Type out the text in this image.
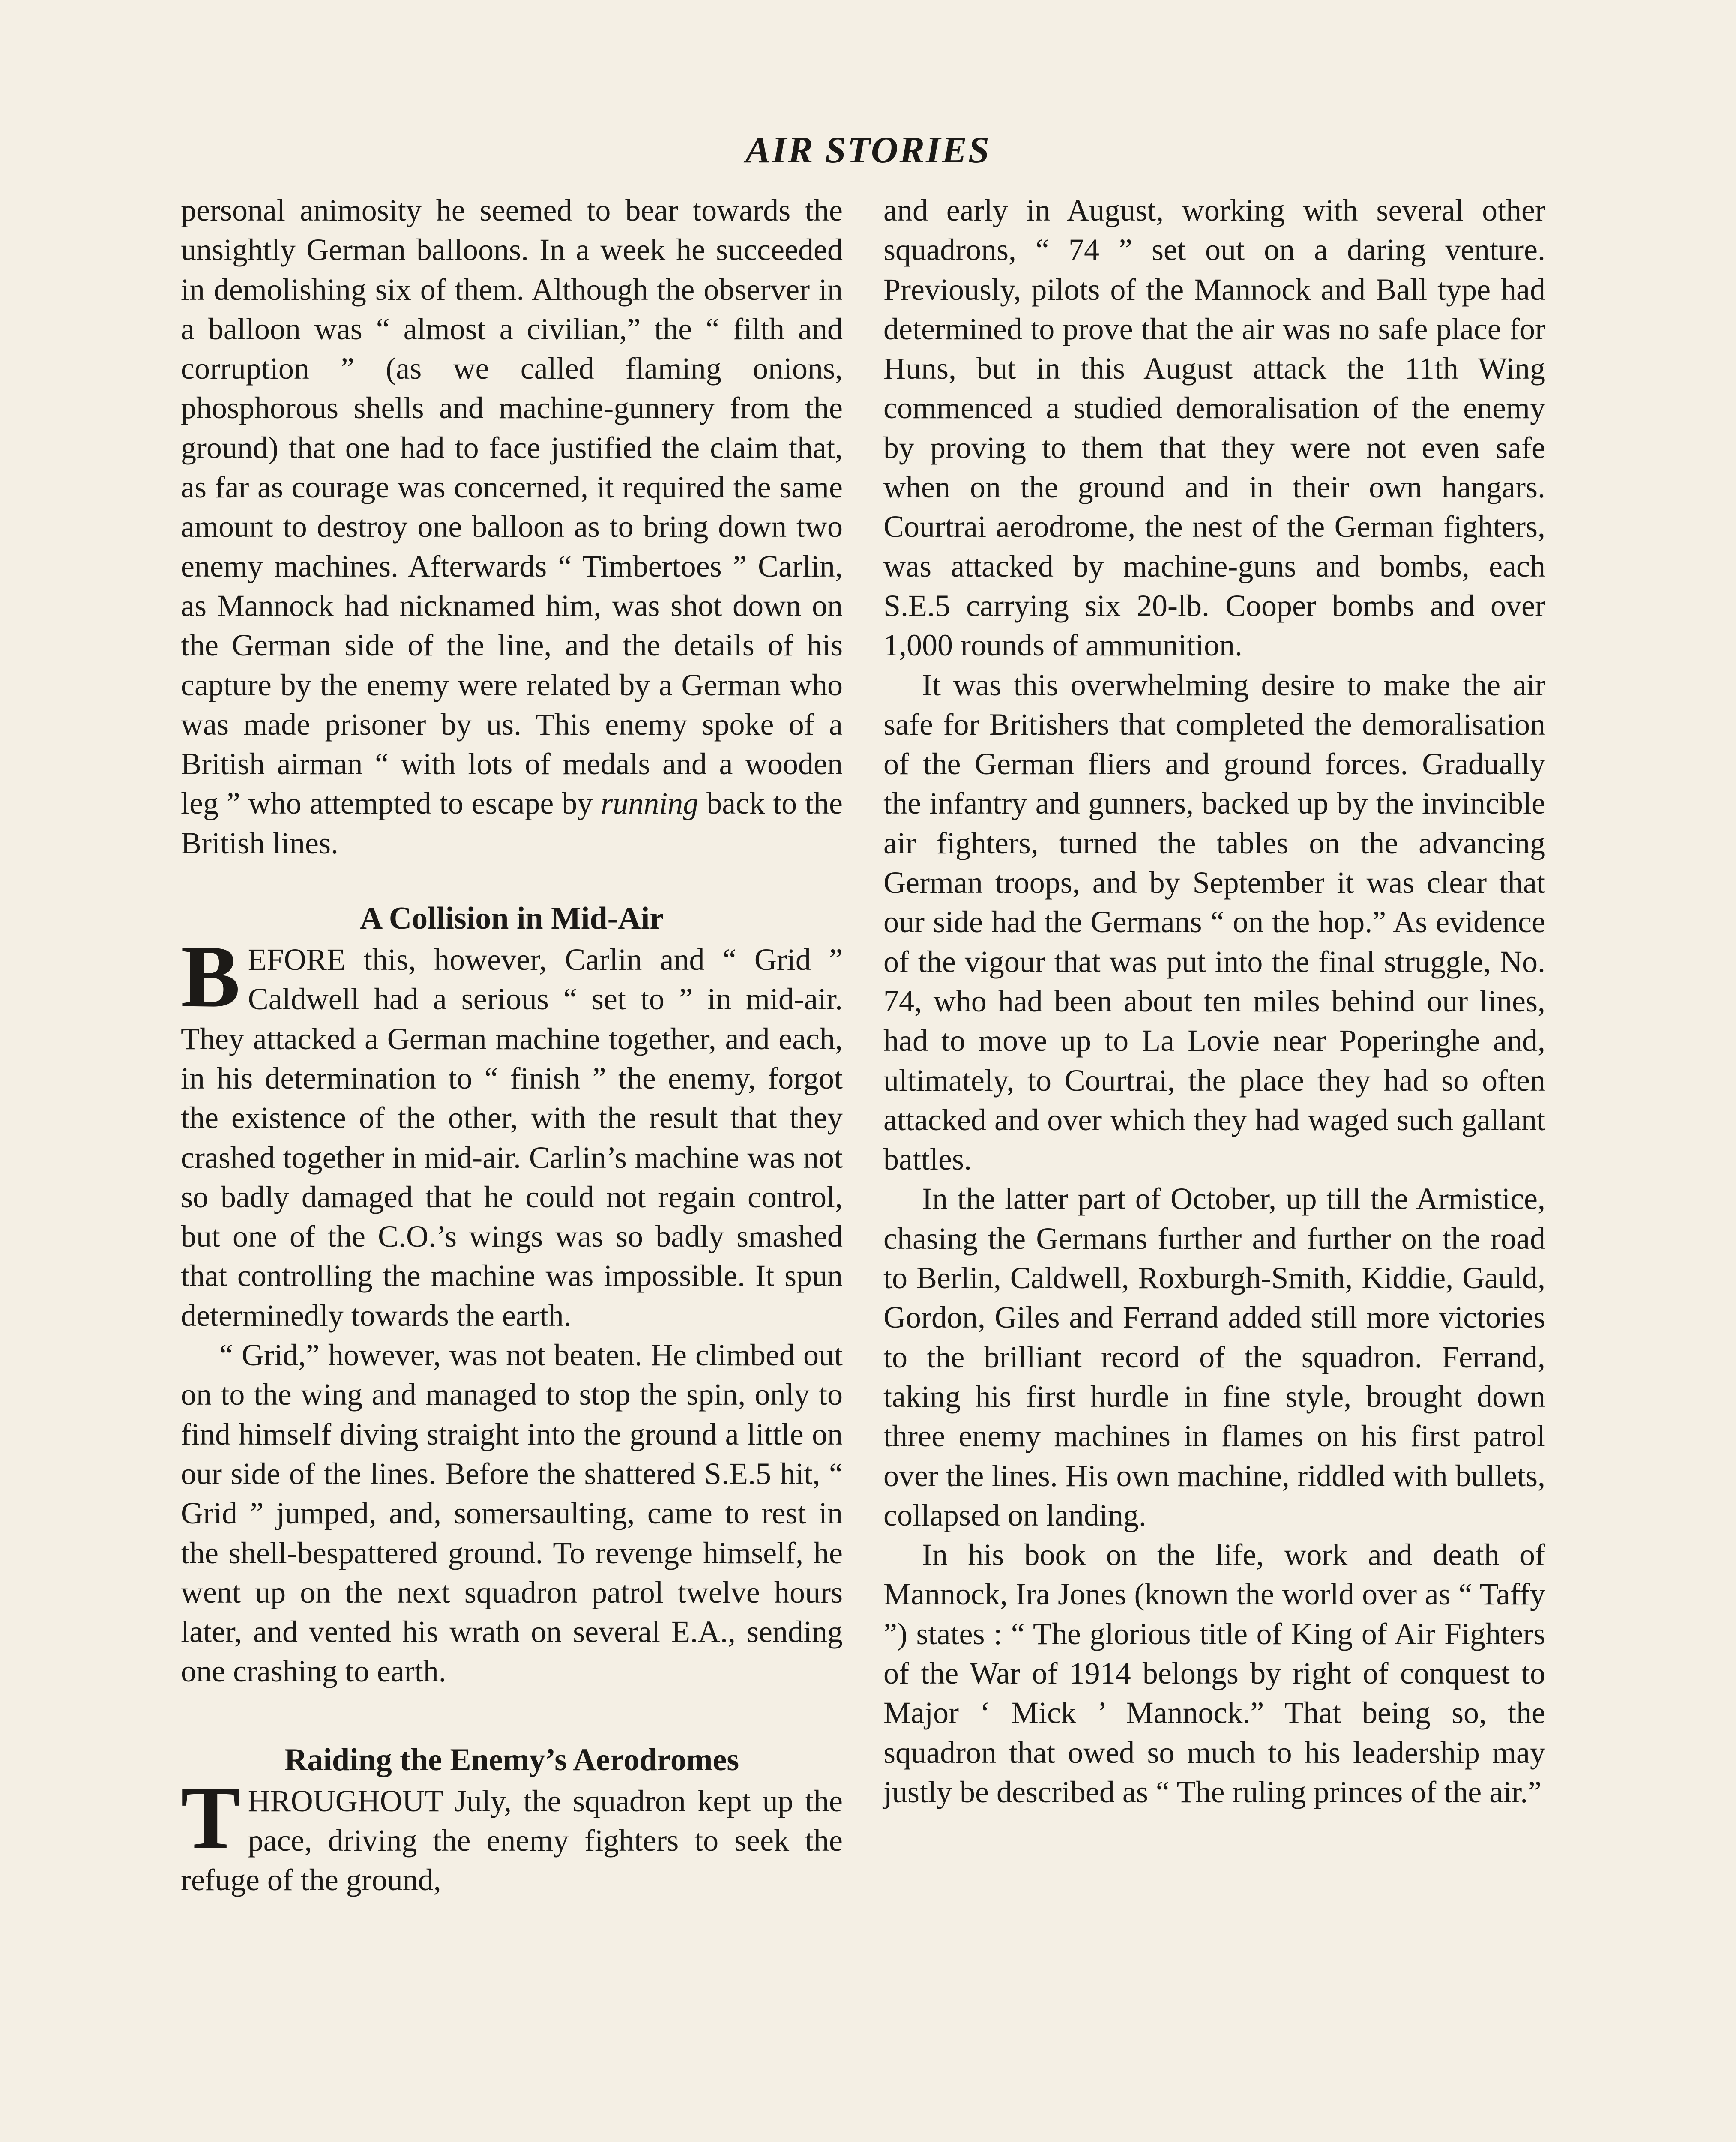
AIR STORIES

personal animosity he seemed to bear towards the unsightly German balloons. In a week he succeeded in demolishing six of them. Although the observer in a balloon was “ almost a civilian,” the “ filth and corruption ” (as we called flaming onions, phosphorous shells and machine-gunnery from the ground) that one had to face justified the claim that, as far as courage was concerned, it required the same amount to destroy one balloon as to bring down two enemy machines. Afterwards “ Timbertoes ” Carlin, as Mannock had nicknamed him, was shot down on the German side of the line, and the details of his capture by the enemy were related by a German who was made prisoner by us. This enemy spoke of a British airman “ with lots of medals and a wooden leg ” who attempted to escape by running back to the British lines.

A Collision in Mid-Air

BEFORE this, however, Carlin and “ Grid ” Caldwell had a serious “ set to ” in mid-air. They attacked a German machine together, and each, in his determination to “ finish ” the enemy, forgot the existence of the other, with the result that they crashed together in mid-air. Carlin’s machine was not so badly damaged that he could not regain control, but one of the C.O.’s wings was so badly smashed that controlling the machine was impossible. It spun determinedly towards the earth.

“ Grid,” however, was not beaten. He climbed out on to the wing and managed to stop the spin, only to find himself diving straight into the ground a little on our side of the lines. Before the shattered S.E.5 hit, “ Grid ” jumped, and, somersaulting, came to rest in the shell-bespattered ground. To revenge himself, he went up on the next squadron patrol twelve hours later, and vented his wrath on several E.A., sending one crashing to earth.

Raiding the Enemy’s Aerodromes

THROUGHOUT July, the squadron kept up the pace, driving the enemy fighters to seek the refuge of the ground,

and early in August, working with several other squadrons, “ 74 ” set out on a daring venture. Previously, pilots of the Mannock and Ball type had determined to prove that the air was no safe place for Huns, but in this August attack the 11th Wing commenced a studied demoralisation of the enemy by proving to them that they were not even safe when on the ground and in their own hangars. Courtrai aerodrome, the nest of the German fighters, was attacked by machine-guns and bombs, each S.E.5 carrying six 20-lb. Cooper bombs and over 1,000 rounds of ammunition.

It was this overwhelming desire to make the air safe for Britishers that completed the demoralisation of the German fliers and ground forces. Gradually the infantry and gunners, backed up by the invincible air fighters, turned the tables on the advancing German troops, and by September it was clear that our side had the Germans “ on the hop.” As evidence of the vigour that was put into the final struggle, No. 74, who had been about ten miles behind our lines, had to move up to La Lovie near Poperinghe and, ultimately, to Courtrai, the place they had so often attacked and over which they had waged such gallant battles.

In the latter part of October, up till the Armistice, chasing the Germans further and further on the road to Berlin, Caldwell, Roxburgh-Smith, Kiddie, Gauld, Gordon, Giles and Ferrand added still more victories to the brilliant record of the squadron. Ferrand, taking his first hurdle in fine style, brought down three enemy machines in flames on his first patrol over the lines. His own machine, riddled with bullets, collapsed on landing.

In his book on the life, work and death of Mannock, Ira Jones (known the world over as “ Taffy ”) states : “ The glorious title of King of Air Fighters of the War of 1914 belongs by right of conquest to Major ‘ Mick ’ Mannock.” That being so, the squadron that owed so much to his leadership may justly be described as “ The ruling princes of the air.”
